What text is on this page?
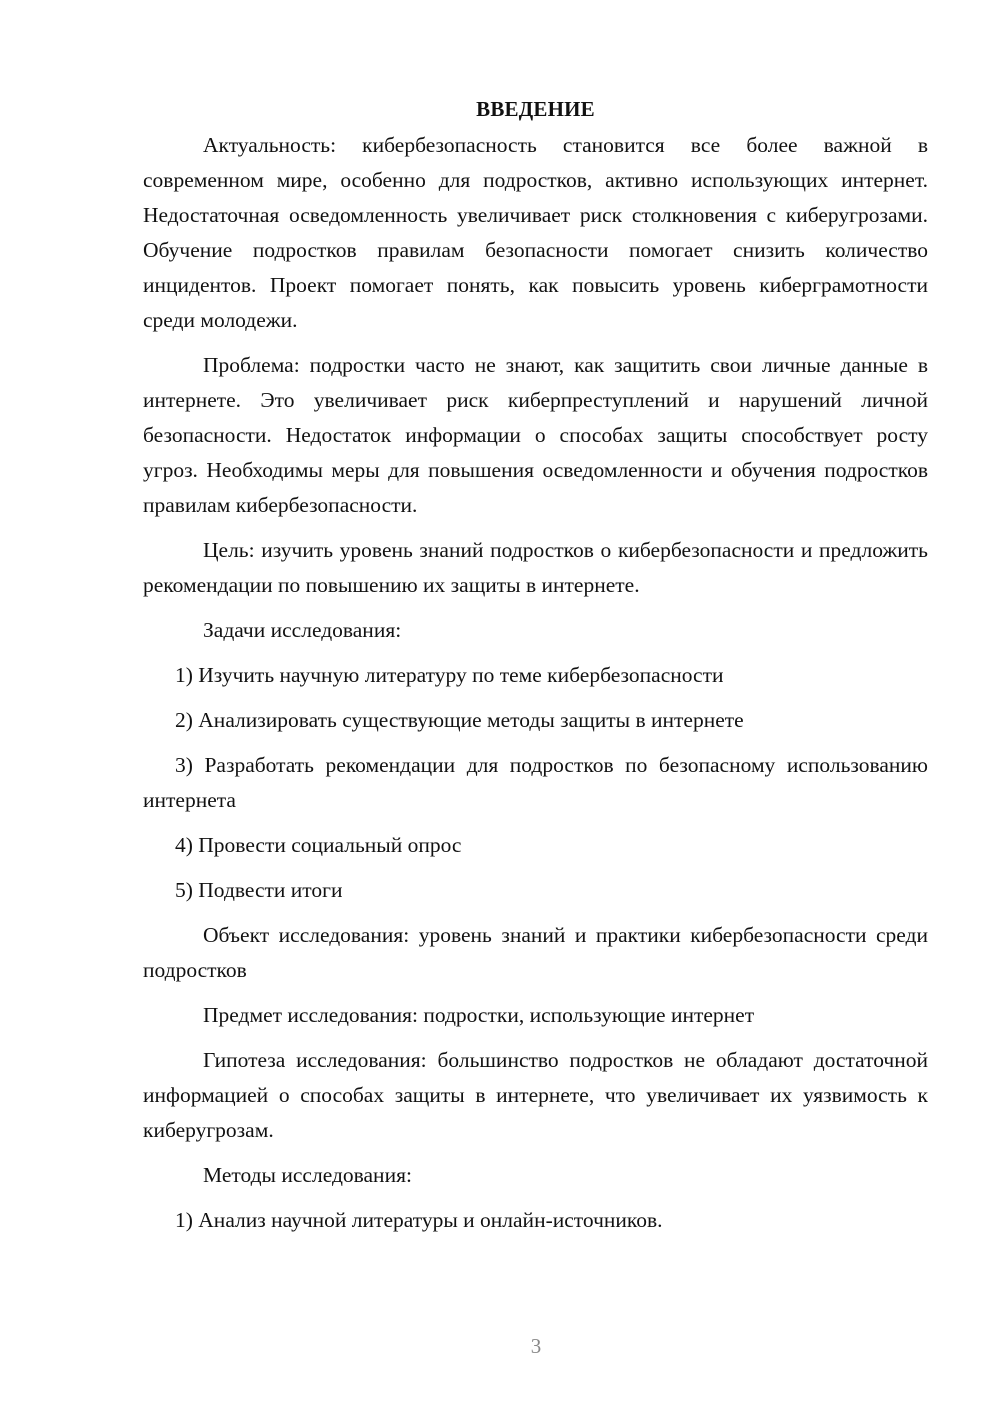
ВВЕДЕНИЕ

Актуальность: кибербезопасность становится все более важной в современном мире, особенно для подростков, активно использующих интернет. Недостаточная осведомленность увеличивает риск столкновения с киберугрозами. Обучение подростков правилам безопасности помогает снизить количество инцидентов. Проект помогает понять, как повысить уровень киберграмотности среди молодежи.

Проблема: подростки часто не знают, как защитить свои личные данные в интернете. Это увеличивает риск киберпреступлений и нарушений личной безопасности. Недостаток информации о способах защиты способствует росту угроз. Необходимы меры для повышения осведомленности и обучения подростков правилам кибербезопасности.

Цель: изучить уровень знаний подростков о кибербезопасности и предложить рекомендации по повышению их защиты в интернете.

Задачи исследования:

1) Изучить научную литературу по теме кибербезопасности

2) Анализировать существующие методы защиты в интернете

3) Разработать рекомендации для подростков по безопасному использованию интернета

4) Провести социальный опрос

5) Подвести итоги

Объект исследования: уровень знаний и практики кибербезопасности среди подростков

Предмет исследования: подростки, использующие интернет

Гипотеза исследования: большинство подростков не обладают достаточной информацией о способах защиты в интернете, что увеличивает их уязвимость к киберугрозам.

Методы исследования:

1) Анализ научной литературы и онлайн-источников.

3
